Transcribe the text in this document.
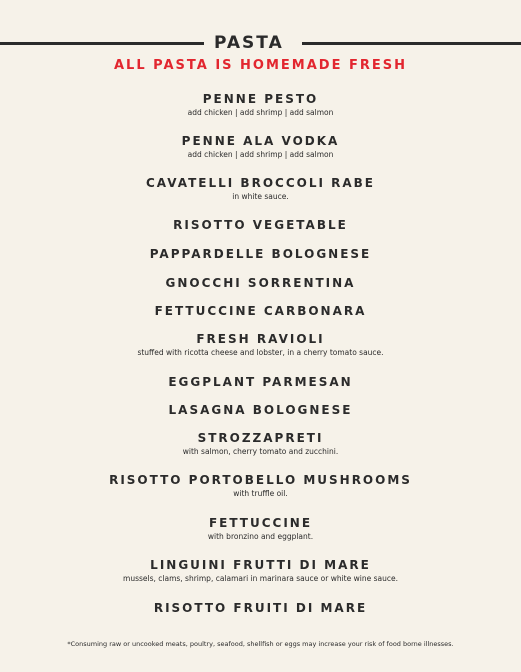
PASTA
ALL PASTA IS HOMEMADE FRESH
PENNE PESTO
add chicken | add shrimp | add salmon
PENNE ALA VODKA
add chicken | add shrimp | add salmon
CAVATELLI BROCCOLI RABE
in white sauce.
RISOTTO VEGETABLE
PAPPARDELLE BOLOGNESE
GNOCCHI SORRENTINA
FETTUCCINE CARBONARA
FRESH RAVIOLI
stuffed with ricotta cheese and lobster, in a cherry tomato sauce.
EGGPLANT PARMESAN
LASAGNA BOLOGNESE
STROZZAPRETI
with salmon, cherry tomato and zucchini.
RISOTTO PORTOBELLO MUSHROOMS
with truffle oil.
FETTUCCINE
with bronzino and eggplant.
LINGUINI FRUTTI DI MARE
mussels, clams, shrimp, calamari in marinara sauce or white wine sauce.
RISOTTO FRUITI DI MARE
*Consuming raw or uncooked meats, poultry, seafood, shellfish or eggs may increase your risk of food borne illnesses.
